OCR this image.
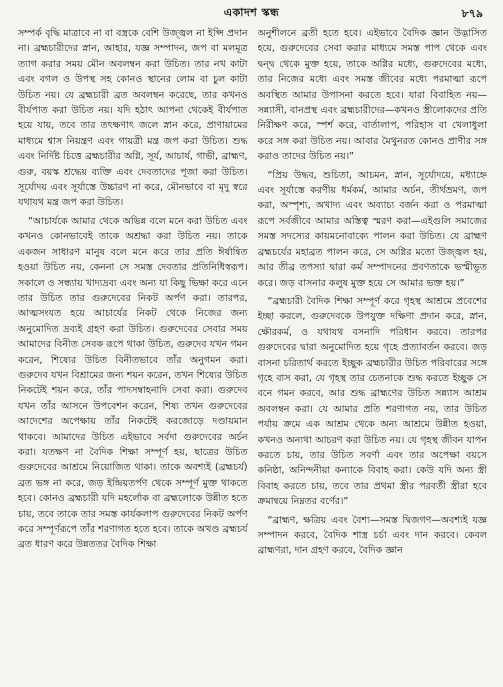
একাদশ স্কন্ধ	৮৭৯

সম্পর্ক বৃদ্ধি মাত্রাবে না বা বস্ত্রকে বেশি উজ্জ্বল না ইপ্সি প্রদান না। ব্রহ্মচারীদের স্নান, আহার, যজ্ঞ সম্পাদন, জপ বা মলমূত্র ত্যাগ করার সময় মৌন অবলম্বন করা উচিত। তার নখ কাটা এবং বগল ও উপস্থ সহ কোনও স্থানের লোম বা চুল কাটা উচিত নয়। যে ব্রহ্মচারী ব্রত অবলম্বন করেছে, তার কখনও বীর্যপাত করা উচিত নয়। যদি হঠাৎ আপনা থেকেই বীর্যপাত হয়ে যায়, তবে তার তৎক্ষণাৎ জলে স্নান করে, প্রাণায়ামের মাধ্যমে শ্বাস নিয়ন্ত্রণ এবং গায়ত্রী মন্ত্র জপ করা উচিত। শুদ্ধ এবং নির্দিষ্ট চিত্তে ব্রহ্মচারীর অগ্নি, সূর্য, আচার্য, গাভী, ব্রাহ্মণ, গুরু, বয়স্ক শ্রদ্ধেয় ব্যক্তি এবং দেবতাদের পূজা করা উচিত। সূর্যোদয় এবং সূর্যাস্তে উচ্চারণ না করে, মৌনভাবে বা মৃদু স্বরে যথাযথ মন্ত্র জপ করা উচিত।

“আচার্যকে আমার থেকে অভিন্ন বলে মনে করা উচিত এবং কখনও কোনভাবেই তাকে অশ্রদ্ধা করা উচিত নয়। তাকে একজন সাধারণ মানুষ বলে মনে করে তার প্রতি ঈর্ষান্বিত হওয়া উচিত নয়, কেননা সে সমস্ত দেবতার প্রতিনিধিস্বরূপ। সকালে ও সন্ধ্যায় খাদ্যদ্রব্য এবং অন্য যা কিছু ভিক্ষা করে এনে তার উচিত তার গুরুদেবের নিকট অর্পণ করা। তারপর, আত্মসংযত হয়ে আচার্যের নিকট থেকে নিজের জন্য অনুমোদিত দ্রব্যই গ্রহণ করা উচিত। গুরুদেবের সেবার সময় আমাদের বিনীত সেবক রূপে থাকা উচিত, গুরুদেব যখন গমন করেন, শিষ্যের উচিত বিনীতভাবে তাঁর অনুগমন করা। গুরুদেব যখন বিশ্রামের জন্য শয়ন করেন, তখন শিষ্যের উচিত নিকটেই শয়ন করে, তাঁর পাদসম্বাহনাদি সেবা করা। গুরুদেব যখন তাঁর আসনে উপবেশন করেন, শিষ্য তখন গুরুদেবের আদেশের অপেক্ষায় তাঁর নিকটেই করজোড়ে দণ্ডায়মান থাকবে। আমাদের উচিত এইভাবে সর্বদা গুরুদেবের অর্চন করা। যতক্ষণ না বৈদিক শিক্ষা সম্পূর্ণ হয়, ছাত্রের উচিত গুরুদেবের আশ্রমে নিয়োজিত থাকা। তাকে অবশ্যই (ব্রহ্মচর্য) ব্রত ভঙ্গ না করে, জড় ইন্দ্রিয়তর্পণ থেকে সম্পূর্ণ মুক্ত থাকতে হবে। কোনও ব্রহ্মচারী যদি মহর্লোক বা ব্রহ্মলোকে উন্নীত হতে চায়, তবে তাকে তার সমস্ত কার্যকলাপ গুরুদেবের নিকট অর্পণ করে সম্পূর্ণরূপে তাঁর শরণাগত হতে হবে। তাকে অখণ্ড ব্রহ্মচর্য ব্রত ধারণ করে উন্নততর বৈদিক শিক্ষা

অনুশীলনে ব্রতী হতে হবে। এইভাবে বৈদিক জ্ঞান উদ্ভাসিত হয়ে, গুরুদেবের সেবা করার মাধ্যমে সমস্ত পাপ থেকে এবং দ্বন্দ্ব থেকে মুক্ত হয়ে, তাকে অগ্নির মধ্যে, গুরুদেবের মধ্যে, তার নিজের মধ্যে এবং সমস্ত জীবের মধ্যে পরমাত্মা রূপে অবস্থিত আমার উপাসনা করতে হবে। যারা বিবাহিত নয়—সন্ন্যাসী, বানপ্রস্থ এবং ব্রহ্মচারীদের—কখনও স্ত্রীলোকদের প্রতি নিরীক্ষণ করে, স্পর্শ করে, বার্তালাপ, পরিহাস বা খেলাধুলা করে সঙ্গ করা উচিত নয়। আবার মৈথুনরত কোনও প্রাণীর সঙ্গ করাও তাদের উচিত নয়।”

“প্রিয় উদ্ধব, শুচিতা, আচমন, স্নান, সূর্যোদয়ে, মধ্যাহ্নে এবং সূর্যাস্তে করণীয় ধর্মকর্ম, আমার অর্চন, তীর্থভ্রমণ, জপ করা, অস্পৃশ্য, অখাদ্য এবং অব্যাচ্য বর্জন করা ও পরমাত্মা রূপে সর্বজীবে আমার অস্তিত্ব স্মরণ করা—এইগুলি সমাজের সমস্ত সদস্যের কায়মনোবাক্যে পালন করা উচিত। যে ব্রাহ্মণ ব্রহ্মচর্যের মহাব্রত পালন করে, সে অগ্নির মতো উজ্জ্বল হয়, আর তীব্র তপস্যা দ্বারা কর্ম সম্পাদনের প্রবণতাকে ভস্মীভূত করে। জড় বাসনার কলুষ মুক্ত হয়ে সে আমার ভক্ত হয়।”

“ব্রহ্মচারী বৈদিক শিক্ষা সম্পূর্ণ করে গৃহস্থ আশ্রমে প্রবেশের ইচ্ছা করলে, গুরুদেবকে উপযুক্ত দক্ষিণা প্রদান করে, স্নান, ক্ষৌরকর্ম, ও যথাযথ বসনাদি পরিধান করবে। তারপর গুরুদেবের দ্বারা অনুমোদিত হয়ে গৃহে প্রত্যাবর্তন করবে। জড় বাসনা চরিতার্থ করতে ইচ্ছুক ব্রহ্মচারীর উচিত পরিবারের সঙ্গে গৃহে বাস করা, যে গৃহস্থ তার চেতনাকে শুদ্ধ করতে ইচ্ছুক সে বনে গমন করবে, আর শুদ্ধ ব্রাহ্মণের উচিত সন্ন্যাস আশ্রম অবলম্বন করা। যে আমার প্রতি শরণাগত নয়, তার উচিত পর্যায় ক্রমে এক আশ্রম থেকে অন্য আশ্রমে উন্নীত হওয়া, কখনও অন্যথা আচরণ করা উচিত নয়। যে গৃহস্থ জীবন যাপন করতে চায়, তার উচিত সবর্ণা এবং তার অপেক্ষা বয়সে কনিষ্ঠা, অনিন্দনীয়া কন্যাকে বিবাহ করা। কেউ যদি অন্য স্ত্রী বিবাহ করতে চায়, তবে তার প্রথমা স্ত্রীর পরবর্তী স্ত্রীরা হবে ক্রমান্বয়ে নিম্নতর বর্ণের।”

“ব্রাহ্মণ, ক্ষত্রিয় এবং বৈশ্য—সমস্ত দ্বিজগণ—অবশ্যই যজ্ঞ সম্পাদন করবে, বৈদিক শাস্ত্র চর্চা এবং দান করবে। কেবল ব্রাহ্মণরা, দান গ্রহণ করবে, বৈদিক জ্ঞান
